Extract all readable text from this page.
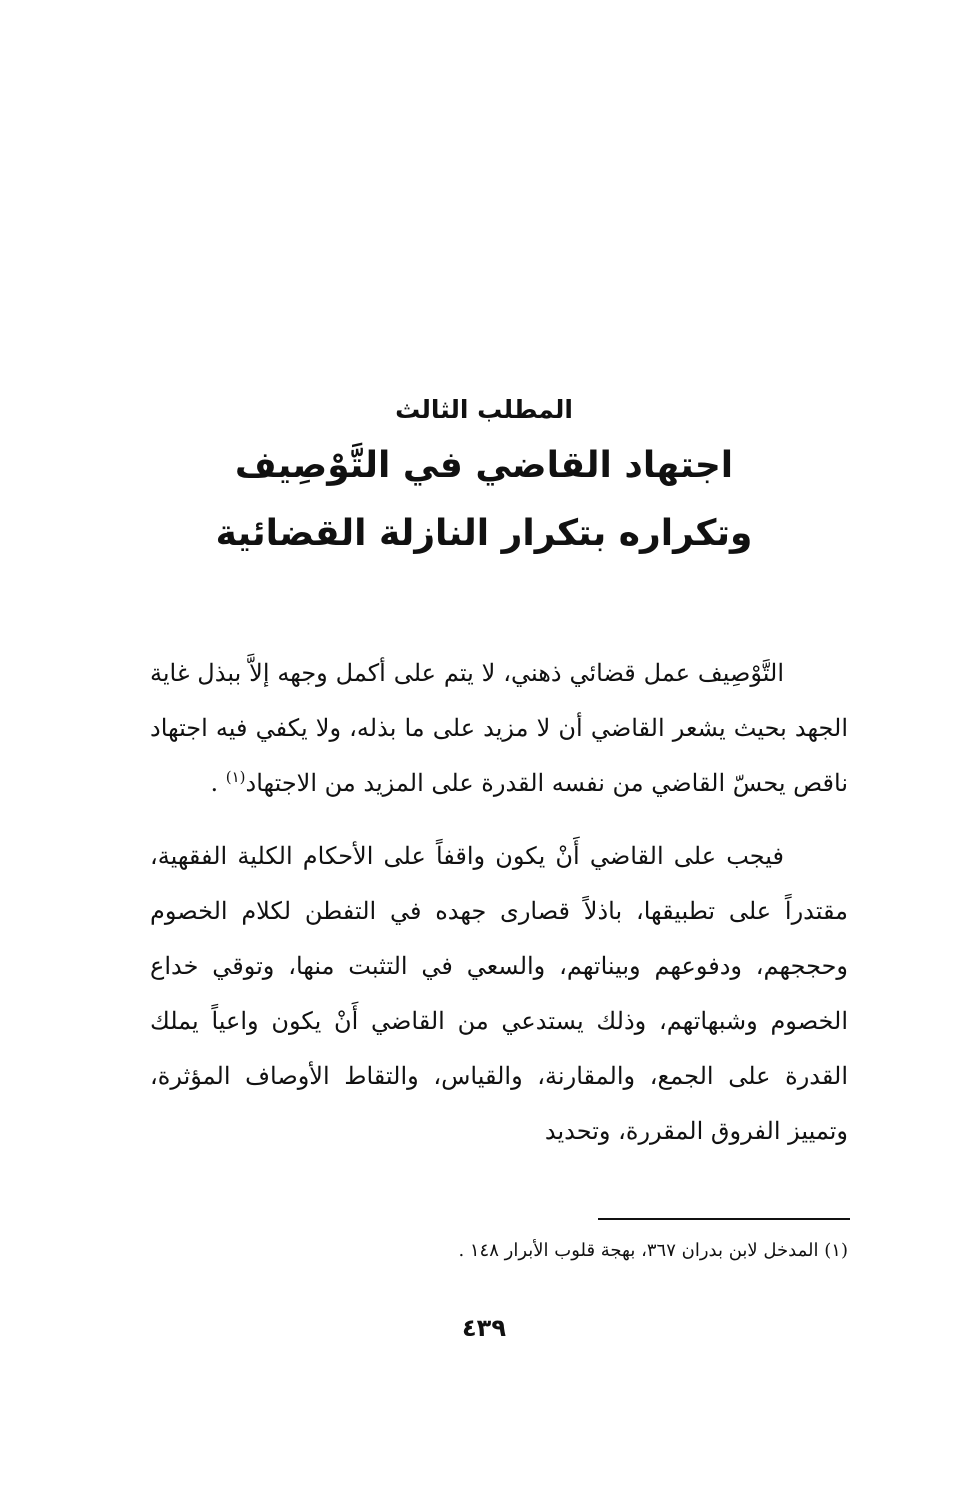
المطلب الثالث

اجتهاد القاضي في التَّوْصِيف

وتكراره بتكرار النازلة القضائية

التَّوْصِيف عمل قضائي ذهني، لا يتم على أكمل وجهه إلاَّ ببذل غاية الجهد بحيث يشعر القاضي أن لا مزيد على ما بذله، ولا يكفي فيه اجتهاد ناقص يحسّ القاضي من نفسه القدرة على المزيد من الاجتهاد$^{(١)}$ .

فيجب على القاضي أَنْ يكون واقفاً على الأحكام الكلية الفقهية، مقتدراً على تطبيقها، باذلاً قصارى جهده في التفطن لكلام الخصوم وحججهم، ودفوعهم وبيناتهم، والسعي في التثبت منها، وتوقي خداع الخصوم وشبهاتهم، وذلك يستدعي من القاضي أَنْ يكون واعياً يملك القدرة على الجمع، والمقارنة، والقياس، والتقاط الأوصاف المؤثرة، وتمييز الفروق المقررة، وتحديد

(١) المدخل لابن بدران ٣٦٧، بهجة قلوب الأبرار ١٤٨ .
٤٣٩
